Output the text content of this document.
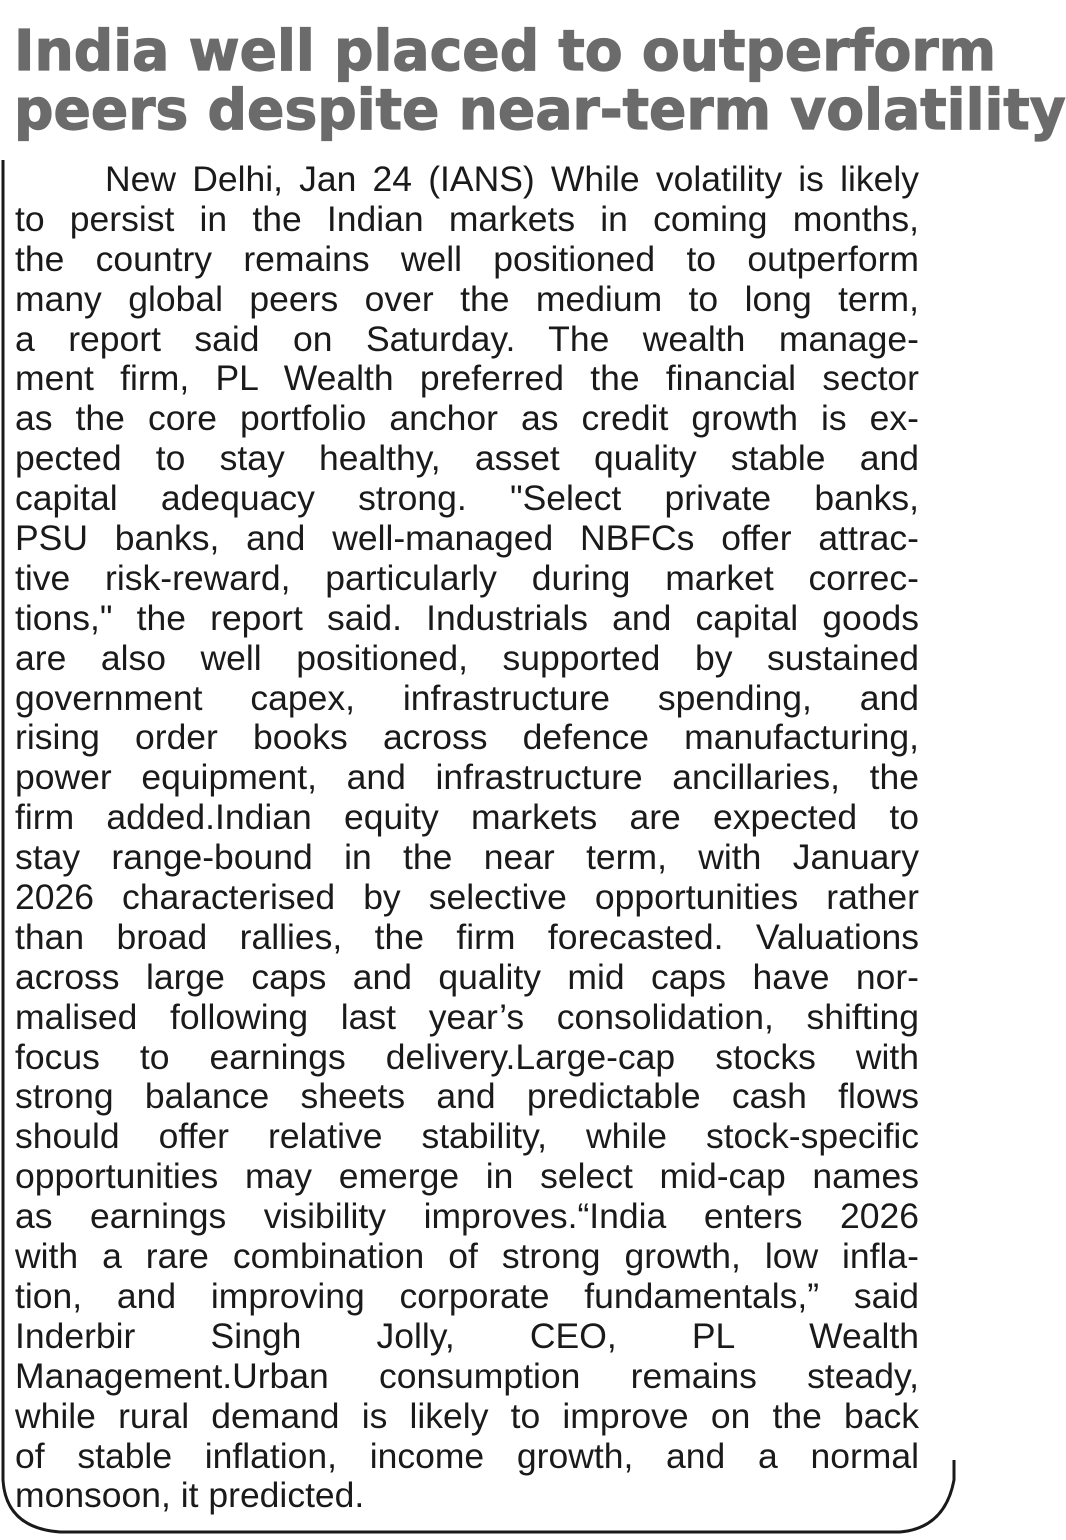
India well placed to outperform
peers despite near-term volatility
New Delhi, Jan 24 (IANS) While volatility is likely
to persist in the Indian markets in coming months,
the country remains well positioned to outperform
many global peers over the medium to long term,
a report said on Saturday. The wealth manage-
ment firm, PL Wealth preferred the financial sector
as the core portfolio anchor as credit growth is ex-
pected to stay healthy, asset quality stable and
capital adequacy strong. "Select private banks,
PSU banks, and well-managed NBFCs offer attrac-
tive risk-reward, particularly during market correc-
tions," the report said. Industrials and capital goods
are also well positioned, supported by sustained
government capex, infrastructure spending, and
rising order books across defence manufacturing,
power equipment, and infrastructure ancillaries, the
firm added.Indian equity markets are expected to
stay range-bound in the near term, with January
2026 characterised by selective opportunities rather
than broad rallies, the firm forecasted. Valuations
across large caps and quality mid caps have nor-
malised following last year’s consolidation, shifting
focus to earnings delivery.Large-cap stocks with
strong balance sheets and predictable cash flows
should offer relative stability, while stock-specific
opportunities may emerge in select mid-cap names
as earnings visibility improves.“India enters 2026
with a rare combination of strong growth, low infla-
tion, and improving corporate fundamentals,” said
Inderbir Singh Jolly, CEO, PL Wealth
Management.Urban consumption remains steady,
while rural demand is likely to improve on the back
of stable inflation, income growth, and a normal
monsoon, it predicted.
